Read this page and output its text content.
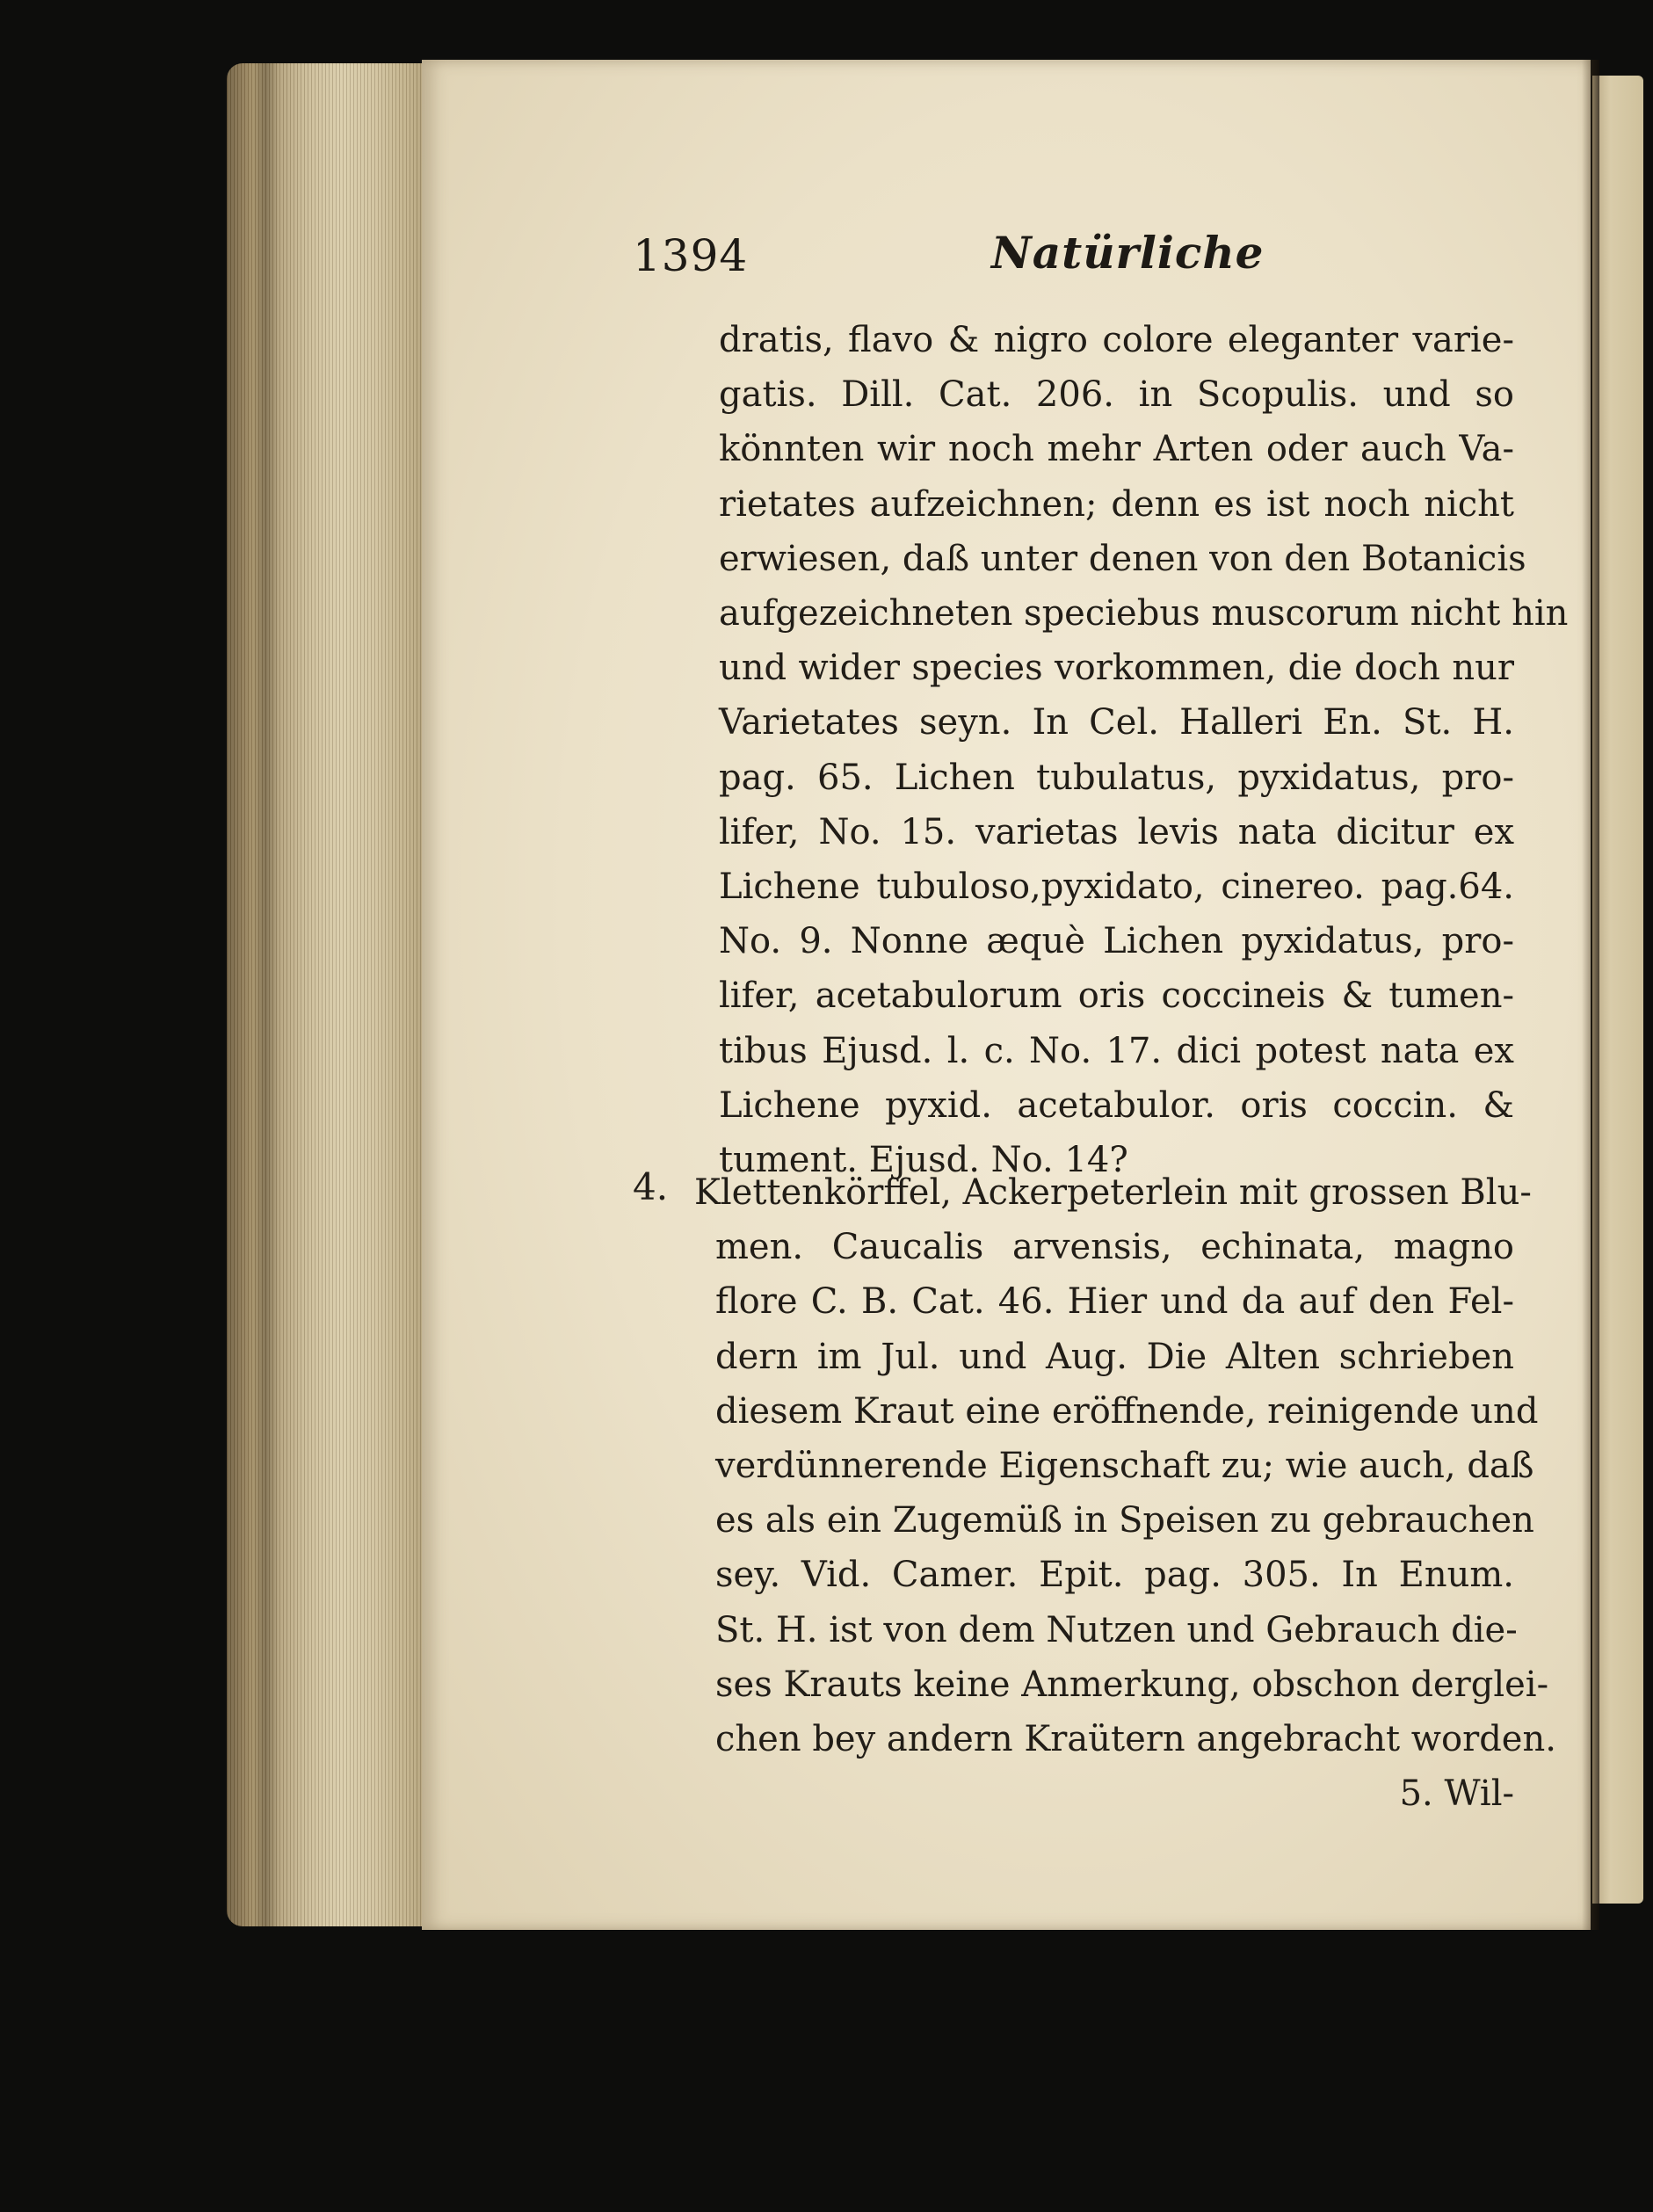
1394	Natürliche
dratis, flavo & nigro colore eleganter varie-
gatis. Dill. Cat. 206. in Scopulis. und so
könnten wir noch mehr Arten oder auch Va-
rietates aufzeichnen; denn es ist noch nicht
erwiesen, daß unter denen von den Botanicis
aufgezeichneten speciebus muscorum nicht hin
und wider species vorkommen, die doch nur
Varietates seyn. In Cel. Halleri En. St. H.
pag. 65. Lichen tubulatus, pyxidatus, pro-
lifer, No. 15. varietas levis nata dicitur ex
Lichene tubuloso,pyxidato, cinereo. pag.64.
No. 9. Nonne æquè Lichen pyxidatus, pro-
lifer, acetabulorum oris coccineis & tumen-
tibus Ejusd. l. c. No. 17. dici potest nata ex
Lichene pyxid. acetabulor. oris coccin. &
tument. Ejusd. No. 14?
4. Klettenkörffel, Ackerpeterlein mit grossen Blu-
men. Caucalis arvensis, echinata, magno
flore C. B. Cat. 46. Hier und da auf den Fel-
dern im Jul. und Aug. Die Alten schrieben
diesem Kraut eine eröffnende, reinigende und
verdünnerende Eigenschaft zu; wie auch, daß
es als ein Zugemüß in Speisen zu gebrauchen
sey. Vid. Camer. Epit. pag. 305. In Enum.
St. H. ist von dem Nutzen und Gebrauch die-
ses Krauts keine Anmerkung, obschon derglei-
chen bey andern Kraütern angebracht worden.
5. Wil-
